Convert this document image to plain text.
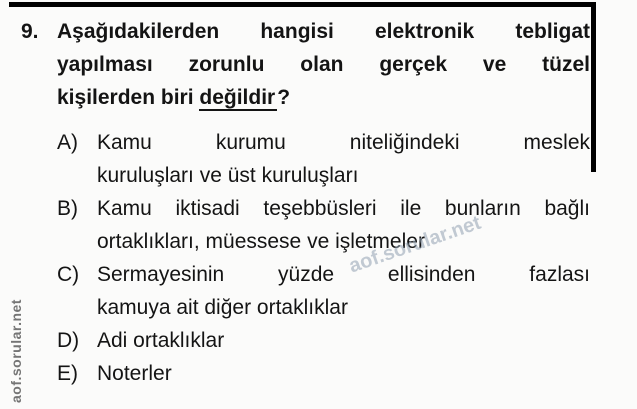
9. Aşağıdakilerden hangisi elektronik tebligat
yapılması zorunlu olan gerçek ve tüzel
kişilerden biri değildir?
A) Kamu kurumu niteliğindeki meslek
kuruluşları ve üst kuruluşları
B) Kamu iktisadi teşebbüsleri ile bunların bağlı
ortaklıkları, müessese ve işletmeler
C) Sermayesinin yüzde ellisinden fazlası
kamuya ait diğer ortaklıklar
D) Adi ortaklıklar
E) Noterler
aof.sorular.net
aof.sorular.net
